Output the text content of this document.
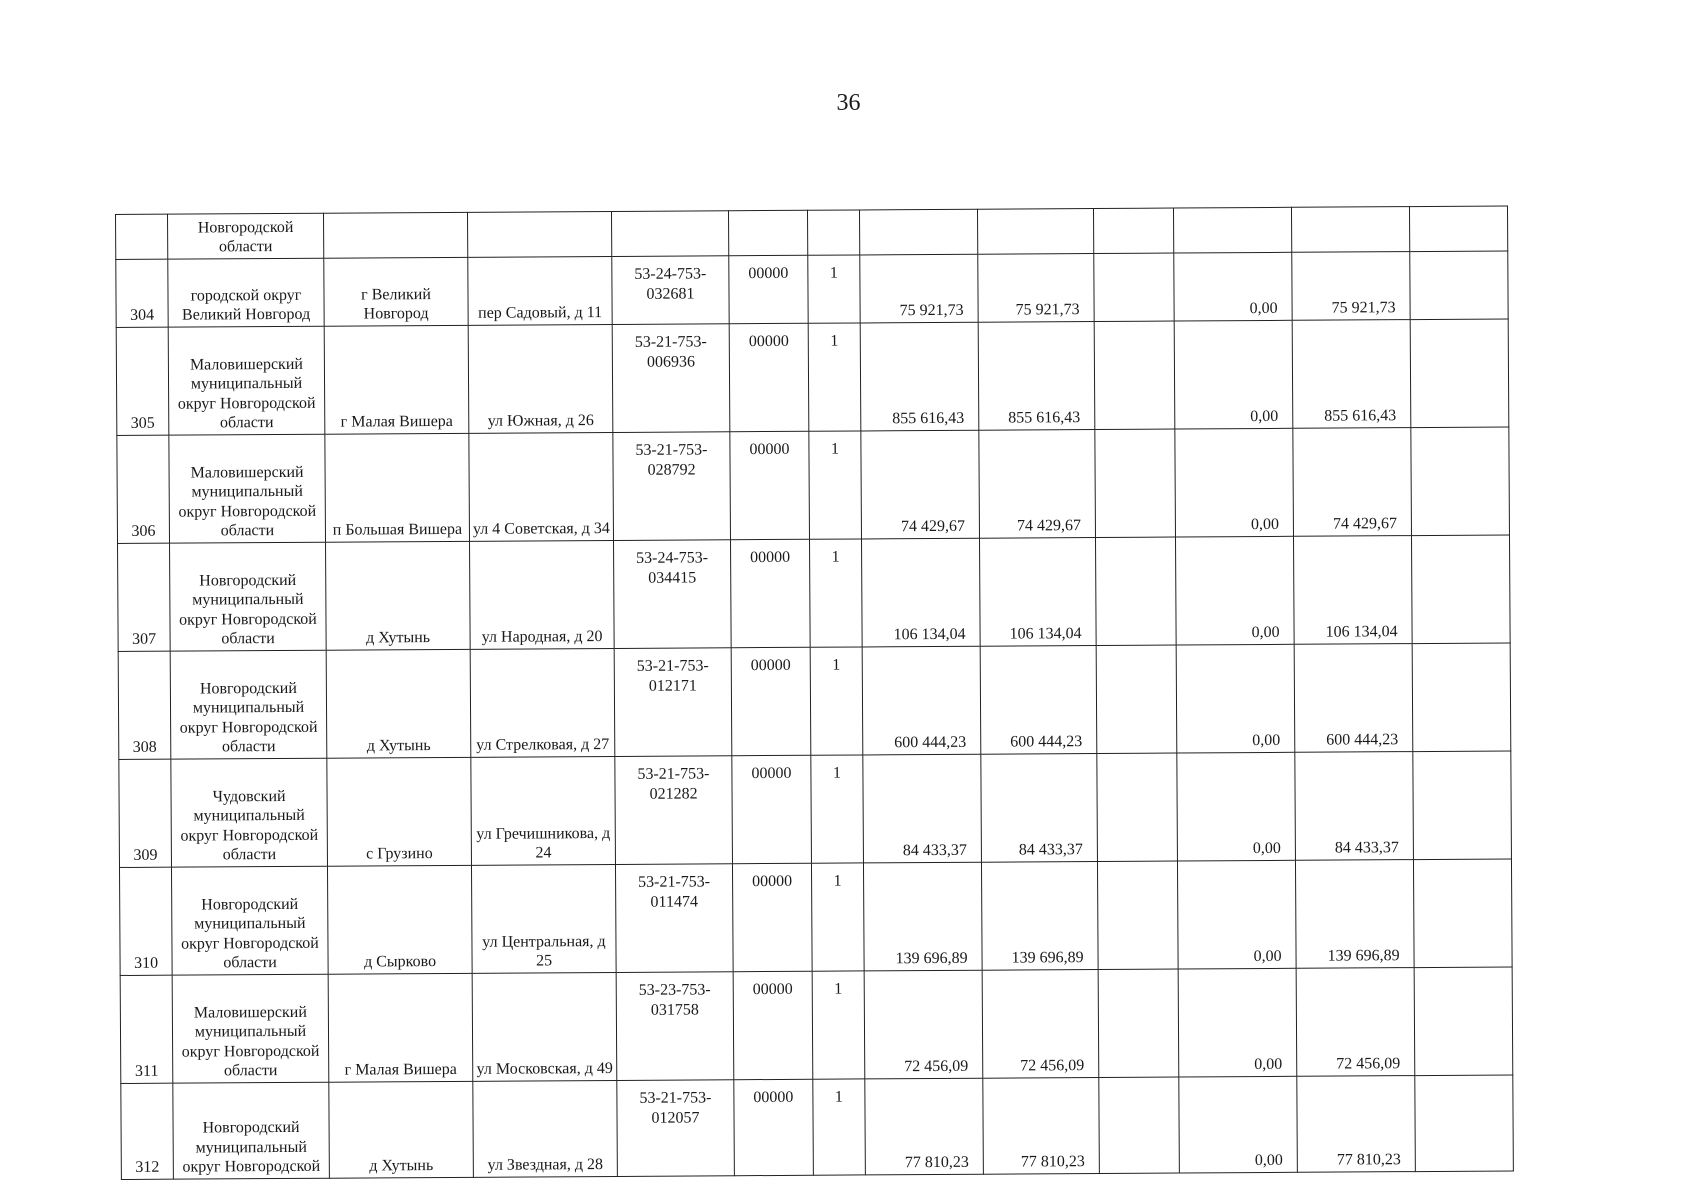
36
	Новгородской области											
304	городской округ Великий Новгород	г Великий Новгород	пер Садовый, д 11	53-24-753-032681	00000	1	75 921,73	75 921,73		0,00	75 921,73	
305	Маловишерский муниципальный округ Новгородской области	г Малая Вишера	ул Южная, д 26	53-21-753-006936	00000	1	855 616,43	855 616,43		0,00	855 616,43	
306	Маловишерский муниципальный округ Новгородской области	п Большая Вишера	ул 4 Советская, д 34	53-21-753-028792	00000	1	74 429,67	74 429,67		0,00	74 429,67	
307	Новгородский муниципальный округ Новгородской области	д Хутынь	ул Народная, д 20	53-24-753-034415	00000	1	106 134,04	106 134,04		0,00	106 134,04	
308	Новгородский муниципальный округ Новгородской области	д Хутынь	ул Стрелковая, д 27	53-21-753-012171	00000	1	600 444,23	600 444,23		0,00	600 444,23	
309	Чудовский муниципальный округ Новгородской области	с Грузино	ул Гречишникова, д 24	53-21-753-021282	00000	1	84 433,37	84 433,37		0,00	84 433,37	
310	Новгородский муниципальный округ Новгородской области	д Сырково	ул Центральная, д 25	53-21-753-011474	00000	1	139 696,89	139 696,89		0,00	139 696,89	
311	Маловишерский муниципальный округ Новгородской области	г Малая Вишера	ул Московская, д 49	53-23-753-031758	00000	1	72 456,09	72 456,09		0,00	72 456,09	
312	Новгородский муниципальный округ Новгородской	д Хутынь	ул Звездная, д 28	53-21-753-012057	00000	1	77 810,23	77 810,23		0,00	77 810,23	
